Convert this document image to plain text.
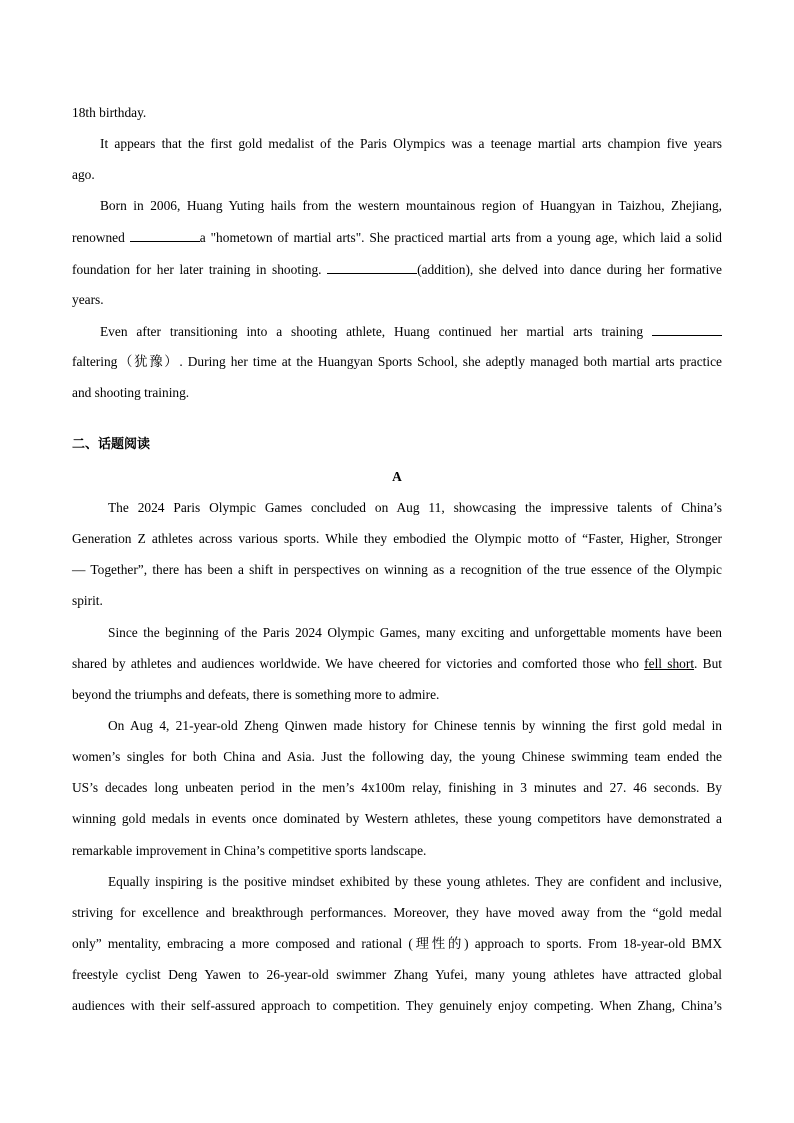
18th birthday.
It appears that the first gold medalist of the Paris Olympics was a teenage martial arts champion five years
ago.
Born in 2006, Huang Yuting hails from the western mountainous region of Huangyan in Taizhou, Zhejiang,
renowned	a "hometown of martial arts". She practiced martial arts from a young age, which laid a solid
foundation for her later training in shooting.	(addition), she delved into dance during her formative
years.
Even after transitioning into a shooting athlete, Huang continued her martial arts training
faltering（犹豫）. During her time at the Huangyan Sports School, she adeptly managed both martial arts practice
and shooting training.
二、话题阅读
A
The 2024 Paris Olympic Games concluded on Aug 11, showcasing the impressive talents of China’s
Generation Z athletes across various sports. While they embodied the Olympic motto of “Faster, Higher, Stronger
— Together”, there has been a shift in perspectives on winning as a recognition of the true essence of the Olympic
spirit.
Since the beginning of the Paris 2024 Olympic Games, many exciting and unforgettable moments have been
shared by athletes and audiences worldwide. We have cheered for victories and comforted those who fell short. But
beyond the triumphs and defeats, there is something more to admire.
On Aug 4, 21-year-old Zheng Qinwen made history for Chinese tennis by winning the first gold medal in
women’s singles for both China and Asia. Just the following day, the young Chinese swimming team ended the
US’s decades long unbeaten period in the men’s 4x100m relay, finishing in 3 minutes and 27. 46 seconds. By
winning gold medals in events once dominated by Western athletes, these young competitors have demonstrated a
remarkable improvement in China’s competitive sports landscape.
Equally inspiring is the positive mindset exhibited by these young athletes. They are confident and inclusive,
striving for excellence and breakthrough performances. Moreover, they have moved away from the “gold medal
only” mentality, embracing a more composed and rational (理性的) approach to sports. From 18-year-old BMX
freestyle cyclist Deng Yawen to 26-year-old swimmer Zhang Yufei, many young athletes have attracted global
audiences with their self-assured approach to competition. They genuinely enjoy competing. When Zhang, China’s
